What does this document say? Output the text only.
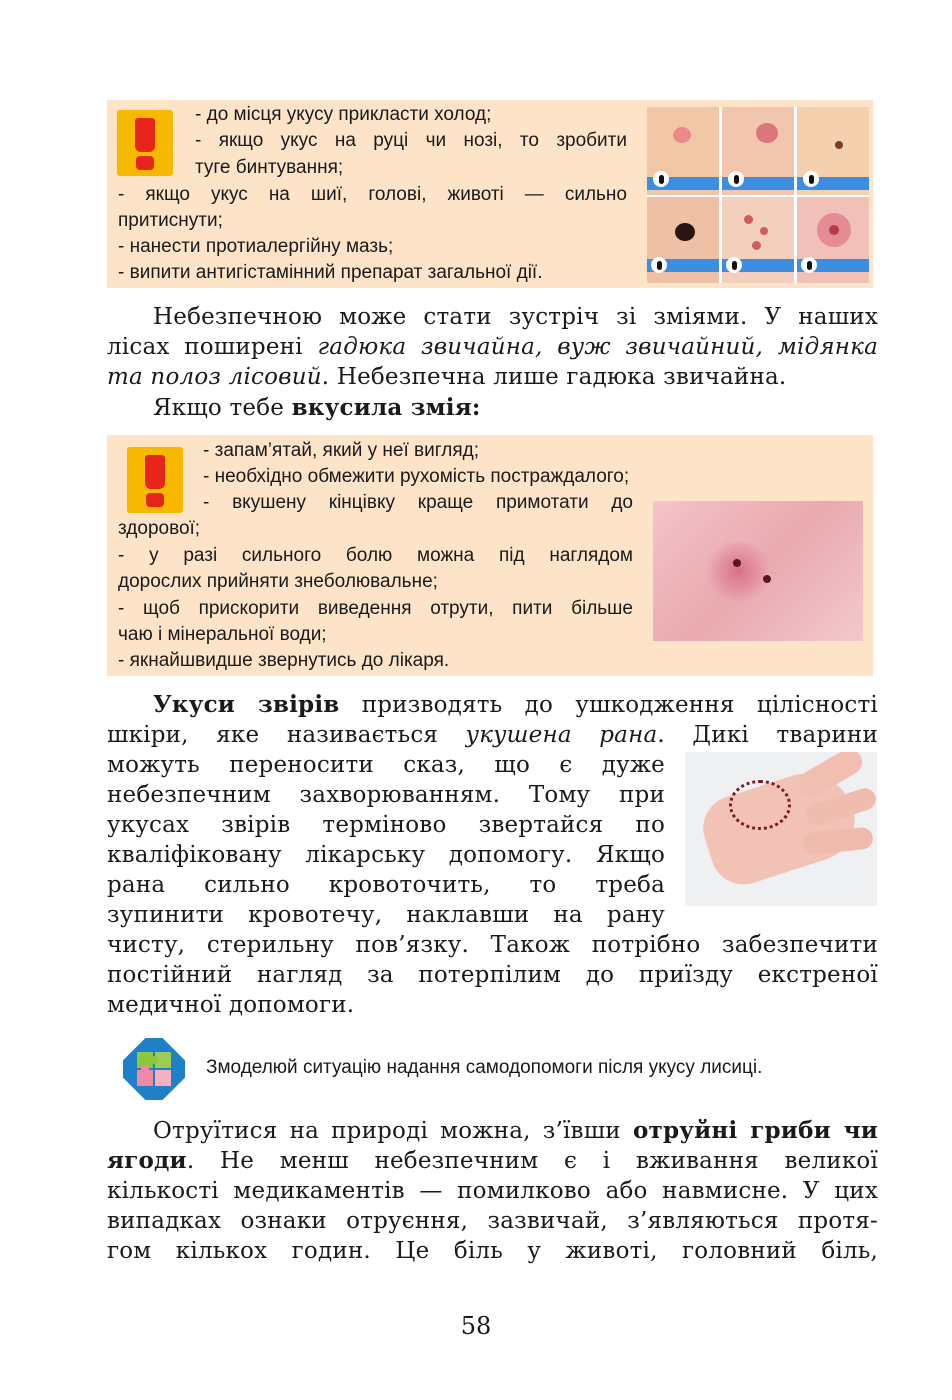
- до місця укусу прикласти холод;
- якщо укус на руці чи нозі, то зробити
туге бинтування;
- якщо укус на шиї, голові, животі — сильно
притиснути;
- нанести протиалергійну мазь;
- випити антигістамінний препарат загальної дії.
Небезпечною може стати зустріч зі зміями. У наших
лісах поширені гадюка звичайна, вуж звичайний, мідянка
та полоз лісовий. Небезпечна лише гадюка звичайна.
Якщо тебе вкусила змія:
- запам’ятай, який у неї вигляд;
- необхідно обмежити рухомість постраждалого;
- вкушену кінцівку краще примотати до
здорової;
- у разі сильного болю можна під наглядом
дорослих прийняти знеболювальне;
- щоб прискорити виведення отрути, пити більше
чаю і мінеральної води;
- якнайшвидше звернутись до лікаря.
Укуси звірів призводять до ушкодження цілісності
шкіри, яке називається укушена рана. Дикі тварини
можуть переносити сказ, що є дуже
небезпечним захворюванням. Тому при
укусах звірів терміново звертайся по
кваліфіковану лікарську допомогу. Якщо
рана сильно кровоточить, то треба
зупинити кровотечу, наклавши на рану
чисту, стерильну пов’язку. Також потрібно забезпечити
постійний нагляд за потерпілим до приїзду екстреної
медичної допомоги.
Змоделюй ситуацію надання самодопомоги після укусу лисиці.
Отруїтися на природі можна, з’ївши отруйні гриби чи
ягоди. Не менш небезпечним є і вживання великої
кількості медикаментів — помилково або навмисне. У цих
випадках ознаки отруєння, зазвичай, з’являються протя-
гом кількох годин. Це біль у животі, головний біль,
58
